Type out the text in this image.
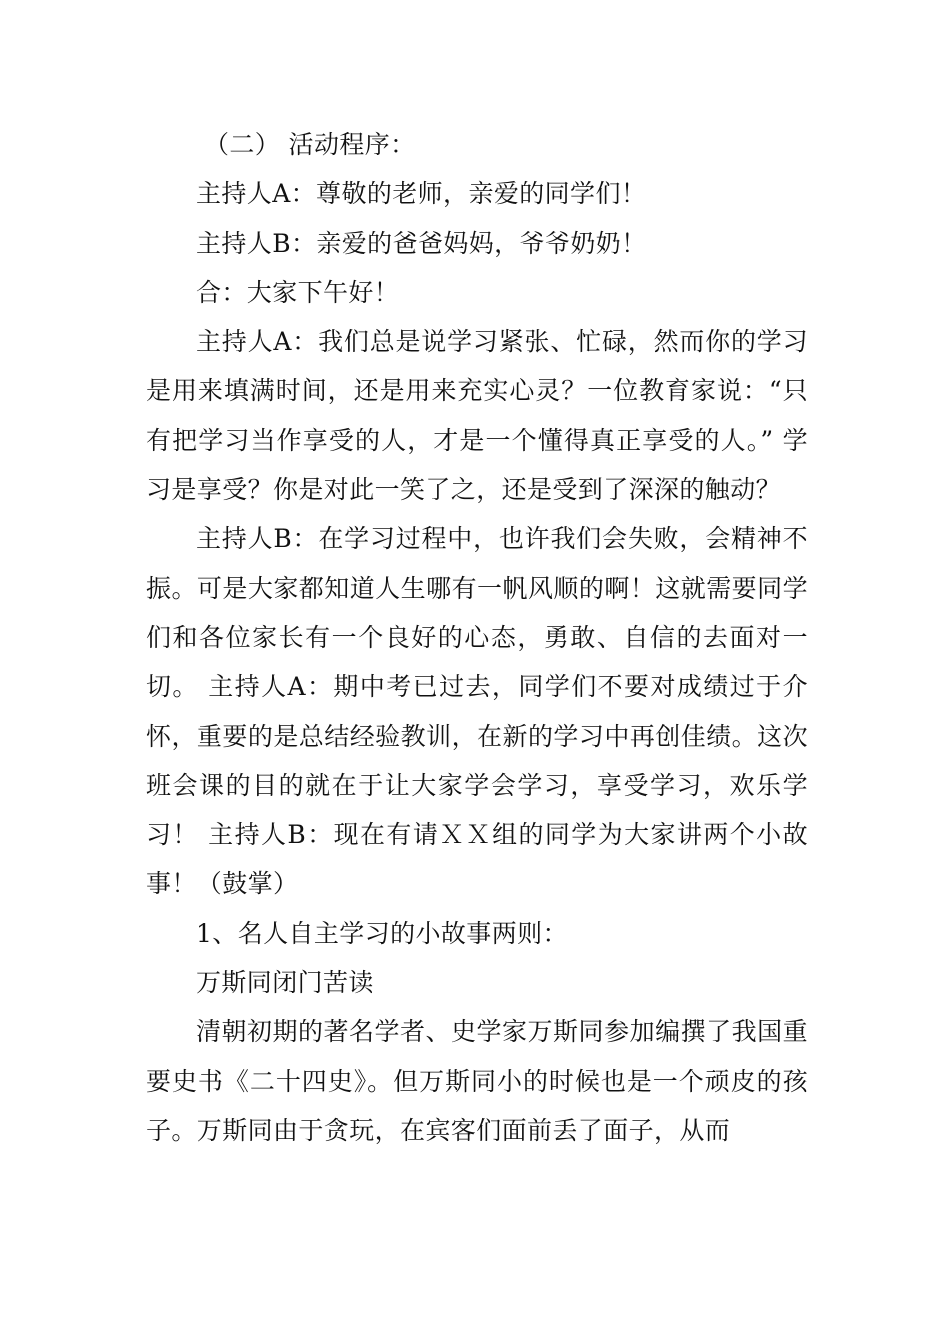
（二） 活动程序：

主持人A：尊敬的老师，亲爱的同学们！

主持人B：亲爱的爸爸妈妈，爷爷奶奶！

合：大家下午好！

主持人A：我们总是说学习紧张、忙碌，然而你的学习是用来填满时间，还是用来充实心灵？一位教育家说：“只有把学习当作享受的人，才是一个懂得真正享受的人。” 学习是享受？你是对此一笑了之，还是受到了深深的触动？

主持人B：在学习过程中，也许我们会失败，会精神不振。可是大家都知道人生哪有一帆风顺的啊！这就需要同学们和各位家长有一个良好的心态，勇敢、自信的去面对一切。 主持人A：期中考已过去，同学们不要对成绩过于介怀，重要的是总结经验教训，在新的学习中再创佳绩。这次班会课的目的就在于让大家学会学习，享受学习，欢乐学习！ 主持人B：现在有请ＸＸ组的同学为大家讲两个小故事！（鼓掌）

1、名人自主学习的小故事两则：

万斯同闭门苦读

清朝初期的著名学者、史学家万斯同参加编撰了我国重要史书《二十四史》。但万斯同小的时候也是一个顽皮的孩子。万斯同由于贪玩，在宾客们面前丢了面子，从而
